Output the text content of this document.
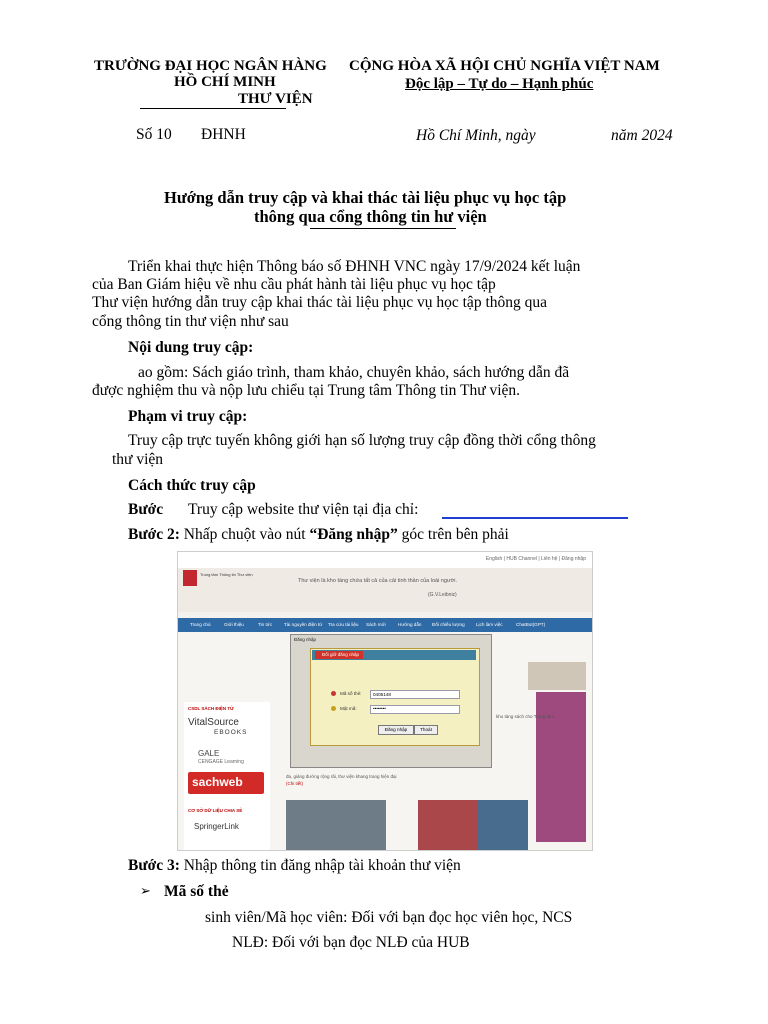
TRƯỜNG ĐẠI HỌC NGÂN HÀNG
HỒ CHÍ MINH
THƯ VIỆN
CỘNG HÒA XÃ HỘI CHỦ NGHĨA VIỆT NAM
Độc lập – Tự do – Hạnh phúc
Số 10 ĐHNH	Hồ Chí Minh, ngày	năm 2024
Hướng dẫn truy cập và khai thác tài liệu phục vụ học tập
thông qua cổng thông tin hư viện
Triển khai thực hiện Thông báo số ĐHNH VNC ngày 17/9/2024 kết luận
của Ban Giám hiệu về nhu cầu phát hành tài liệu phục vụ học tập
Thư viện hướng dẫn truy cập khai thác tài liệu phục vụ học tập thông qua
cổng thông tin thư viện như sau
Nội dung truy cập:
ao gồm: Sách giáo trình, tham khảo, chuyên khảo, sách hướng dẫn đã
được nghiệm thu và nộp lưu chiểu tại Trung tâm Thông tin Thư viện.
Phạm vi truy cập:
Truy cập trực tuyến không giới hạn số lượng truy cập đồng thời cổng thông
thư viện
Cách thức truy cập
Bước Truy cập website thư viện tại địa chỉ:
Bước 2: Nhấp chuột vào nút “Đăng nhập” góc trên bên phải
English | HUB Channel | Liên hệ | Đăng nhập
Trung tâm Thông tin Thư viện
Thư viện là kho tàng chứa tất cả của cải tinh thần của loài người.
(G.V.Leibniz)
Trang chủ	Giới thiệu	Tin tức	Tài nguyên điện tử Tra cứu tài liệu Sách mới	Hướng dẫn Đối chiếu lượng Lịch làm việc	ChatBot(GPT)
CSDL SÁCH ĐIỆN TỬ
VitalSource
EBOOKS
GALE
CENGAGE Learning
sachweb
CƠ SỞ DỮ LIỆU CHIA SẺ
SpringerLink
kho tàng sách cho Trung tâm
đa, giảng đường rộng rãi, thư viện khang trang hiện đại
(Chi tiết)
Đăng nhập
Đối giữ đăng nhập
Mã số thẻ:
Mật mã:
0405148
••••••••
Đăng nhập	Thoát
Bước 3: Nhập thông tin đăng nhập tài khoản thư viện
➢ Mã số thẻ
sinh viên/Mã học viên: Đối với bạn đọc học viên học, NCS
NLĐ: Đối với bạn đọc NLĐ của HUB
